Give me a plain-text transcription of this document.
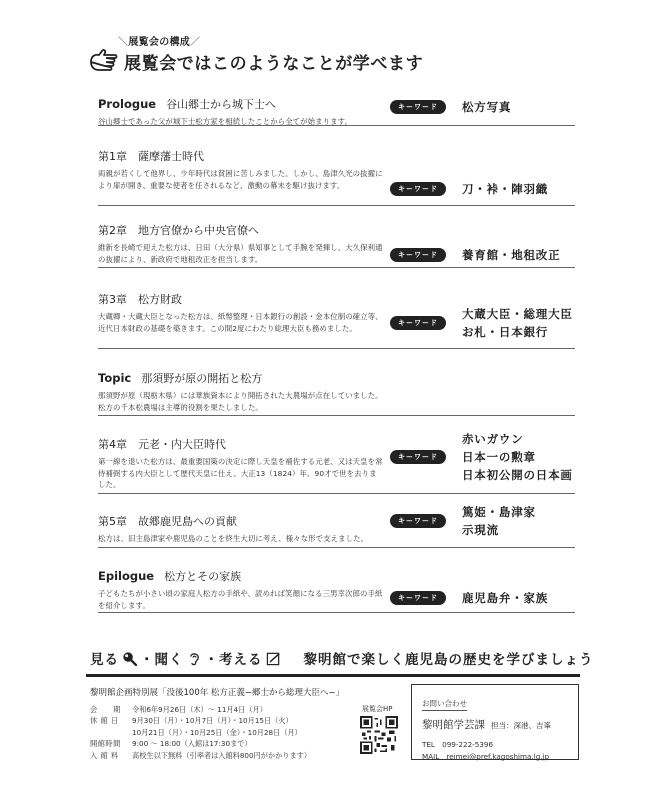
＼展覧会の構成／
展覧会ではこのようなことが学べます
Prologue 谷山郷士から城下士へ
谷山郷士であった父が城下士松方家を相続したことから全てが始まります。
キーワード	松方写真
第1章　薩摩藩士時代
両親が若くして他界し、少年時代は貧困に苦しみました。しかし、島津久光の抜擢により扉が開き、重要な使者を任されるなど、激動の幕末を駆け抜けます。	キーワード	刀・裃・陣羽織
第2章　地方官僚から中央官僚へ
維新を長崎で迎えた松方は、日田（大分県）県知事として手腕を発揮し、大久保利通の抜擢により、新政府で地租改正を担当します。	キーワード	養育館・地租改正
第3章　松方財政
大蔵卿・大蔵大臣となった松方は、紙幣整理・日本銀行の創設・金本位制の確立等、近代日本財政の基礎を築きます。この間2度にわたり総理大臣も務めました。
キーワード
大蔵大臣・総理大臣
お札・日本銀行
Topic 那須野が原の開拓と松方
那須野が原（現栃木県）には華族資本により開拓された大農場が点在していました。松方の千本松農場は主導的役割を果たしました。
第4章　元老・内大臣時代
第一線を退いた松方は、最重要国策の決定に際し天皇を補佐する元老、又は天皇を常侍補弼する内大臣として歴代天皇に仕え、大正13（1824）年、90才で世を去りました。
キーワード
赤いガウン
日本一の勲章
日本初公開の日本画
第5章　故郷鹿児島への貢献
松方は、旧主島津家や鹿児島のことを終生大切に考え、様々な形で支えました。
キーワード
篤姫・島津家
示現流
Epilogue 松方とその家族
子どもたちが小さい頃の家庭人松方の手紙や、読めれば笑顔になる三男幸次郎の手紙を紹介します。
キーワード	鹿児島弁・家族
見る ・聞く ・考える	黎明館で楽しく鹿児島の歴史を学びましょう
黎明館企画特別展「没後100年 松方正義−郷士から総理大臣へ−」
会　　期	令和6年9月26日（木）〜 11月4日（月）
休 館 日	9月30日（月）・10月7日（月）・10月15日（火）
10月21日（月）・10月25日（金）・10月28日（月）
開館時間	9:00 〜 18:00（入館は17:30まで）
入 館 料	高校生以下無料（引率者は入館料800円がかかります）
展覧会HP
お問い合わせ
黎明館学芸課 担当：深港、吉峯
TEL　099-222-5396
MAIL　reimei@pref.kagoshima.lg.jp
